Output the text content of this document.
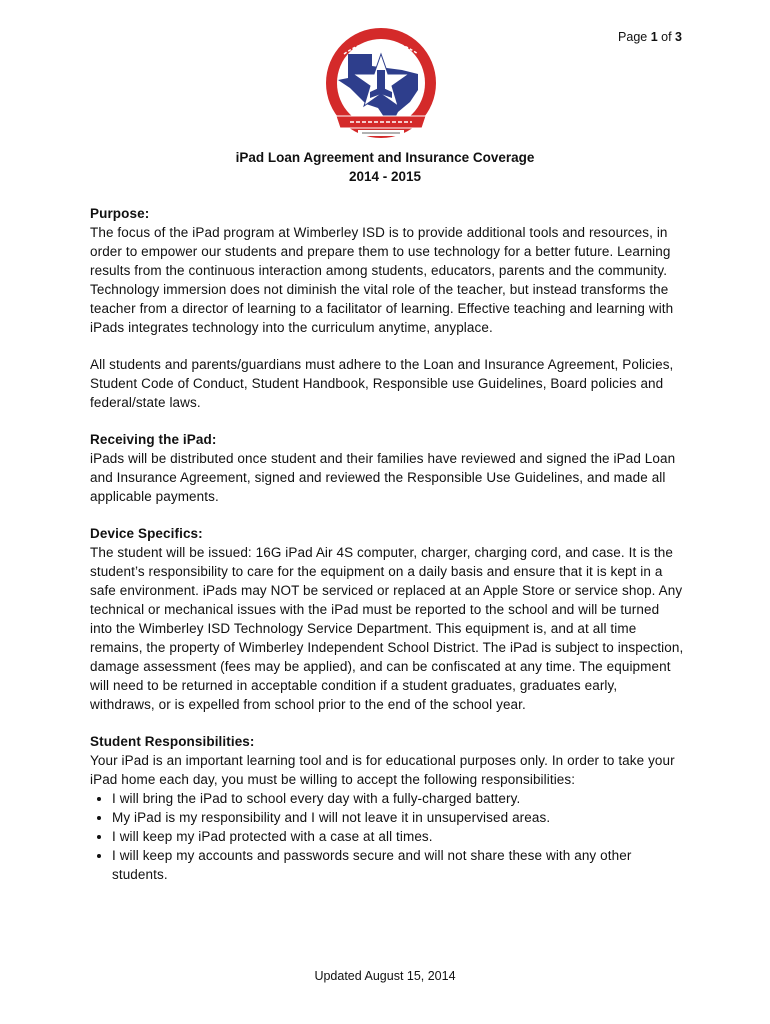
Page 1 of 3
iPad Loan Agreement and Insurance Coverage
2014 - 2015
Purpose:

The focus of the iPad program at Wimberley ISD is to provide additional tools and resources, in order to empower our students and prepare them to use technology for a better future. Learning results from the continuous interaction among students, educators, parents and the community. Technology immersion does not diminish the vital role of the teacher, but instead transforms the teacher from a director of learning to a facilitator of learning. Effective teaching and learning with iPads integrates technology into the curriculum anytime, anyplace.

All students and parents/guardians must adhere to the Loan and Insurance Agreement, Policies, Student Code of Conduct, Student Handbook, Responsible use Guidelines, Board policies and federal/state laws.

Receiving the iPad:

iPads will be distributed once student and their families have reviewed and signed the iPad Loan and Insurance Agreement, signed and reviewed the Responsible Use Guidelines, and made all applicable payments.

Device Specifics:

The student will be issued: 16G iPad Air 4S computer, charger, charging cord, and case. It is the student’s responsibility to care for the equipment on a daily basis and ensure that it is kept in a safe environment. iPads may NOT be serviced or replaced at an Apple Store or service shop. Any technical or mechanical issues with the iPad must be reported to the school and will be turned into the Wimberley ISD Technology Service Department. This equipment is, and at all time remains, the property of Wimberley Independent School District. The iPad is subject to inspection, damage assessment (fees may be applied), and can be confiscated at any time. The equipment will need to be returned in acceptable condition if a student graduates, graduates early, withdraws, or is expelled from school prior to the end of the school year.

Student Responsibilities:

Your iPad is an important learning tool and is for educational purposes only. In order to take your iPad home each day, you must be willing to accept the following responsibilities:

• I will bring the iPad to school every day with a fully-charged battery.
• My iPad is my responsibility and I will not leave it in unsupervised areas.
• I will keep my iPad protected with a case at all times.
• I will keep my accounts and passwords secure and will not share these with any other students.
Updated August 15, 2014
